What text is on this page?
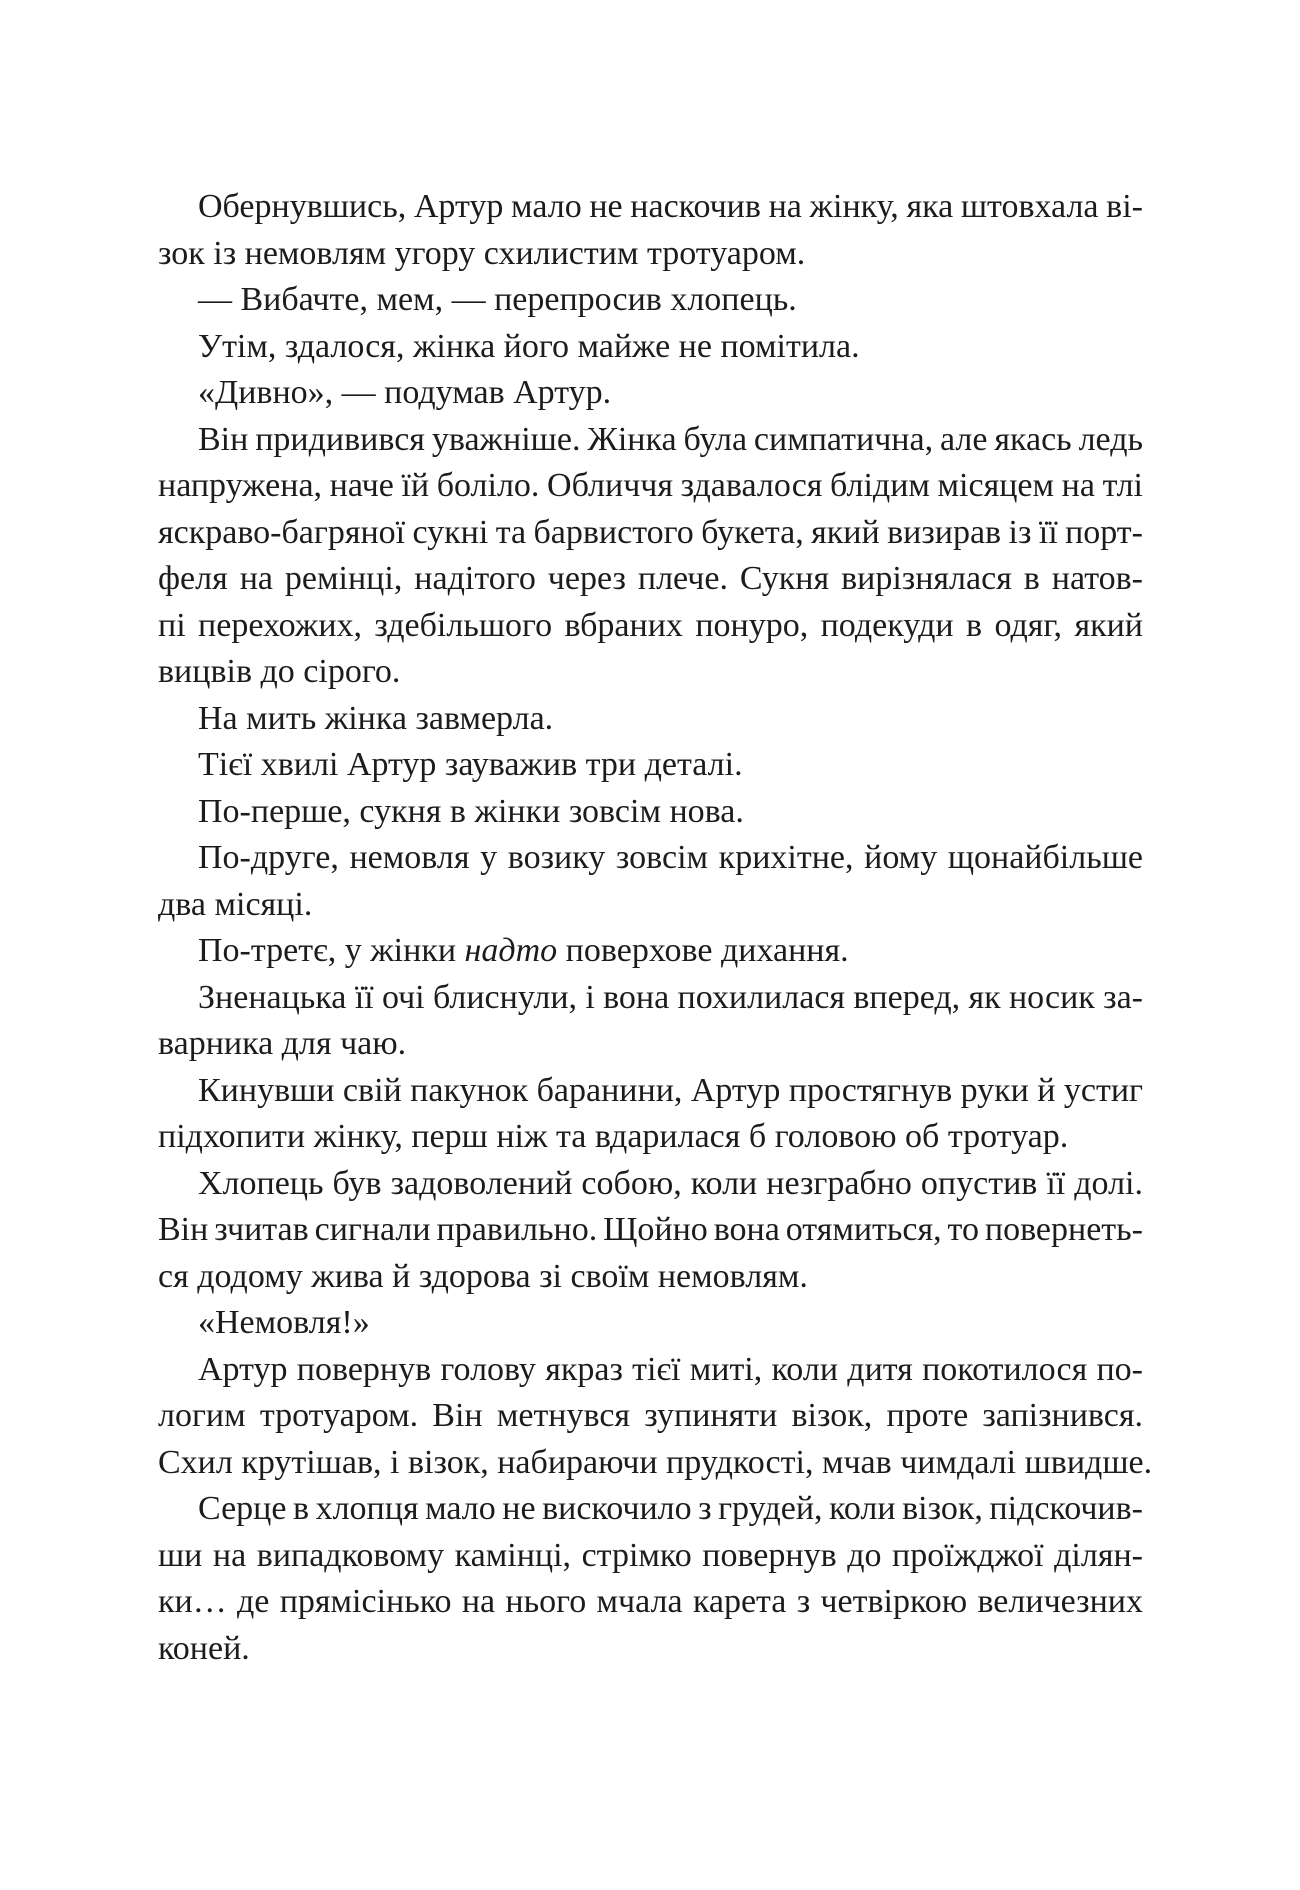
Обернувшись, Артур мало не наскочив на жінку, яка штовхала ві-
зок із немовлям угору схилистим тротуаром.
— Вибачте, мем, — перепросив хлопець.
Утім, здалося, жінка його майже не помітила.
«Дивно», — подумав Артур.
Він придивився уважніше. Жінка була симпатична, але якась ледь
напружена, наче їй боліло. Обличчя здавалося блідим місяцем на тлі
яскраво-багряної сукні та барвистого букета, який визирав із її порт-
феля на ремінці, надітого через плече. Сукня вирізнялася в натов-
пі перехожих, здебільшого вбраних понуро, подекуди в одяг, який
вицвів до сірого.
На мить жінка завмерла.
Тієї хвилі Артур зауважив три деталі.
По-перше, сукня в жінки зовсім нова.
По-друге, немовля у возику зовсім крихітне, йому щонайбільше
два місяці.
По-третє, у жінки надто поверхове дихання.
Зненацька її очі блиснули, і вона похилилася вперед, як носик за-
варника для чаю.
Кинувши свій пакунок баранини, Артур простягнув руки й устиг
підхопити жінку, перш ніж та вдарилася б головою об тротуар.
Хлопець був задоволений собою, коли незграбно опустив її долі.
Він зчитав сигнали правильно. Щойно вона отямиться, то повернеть-
ся додому жива й здорова зі своїм немовлям.
«Немовля!»
Артур повернув голову якраз тієї миті, коли дитя покотилося по-
логим тротуаром. Він метнувся зупиняти візок, проте запізнився.
Схил крутішав, і візок, набираючи прудкості, мчав чимдалі швидше.
Серце в хлопця мало не вискочило з грудей, коли візок, підскочив-
ши на випадковому камінці, стрімко повернув до проїжджої ділян-
ки… де прямісінько на нього мчала карета з четвіркою величезних
коней.
